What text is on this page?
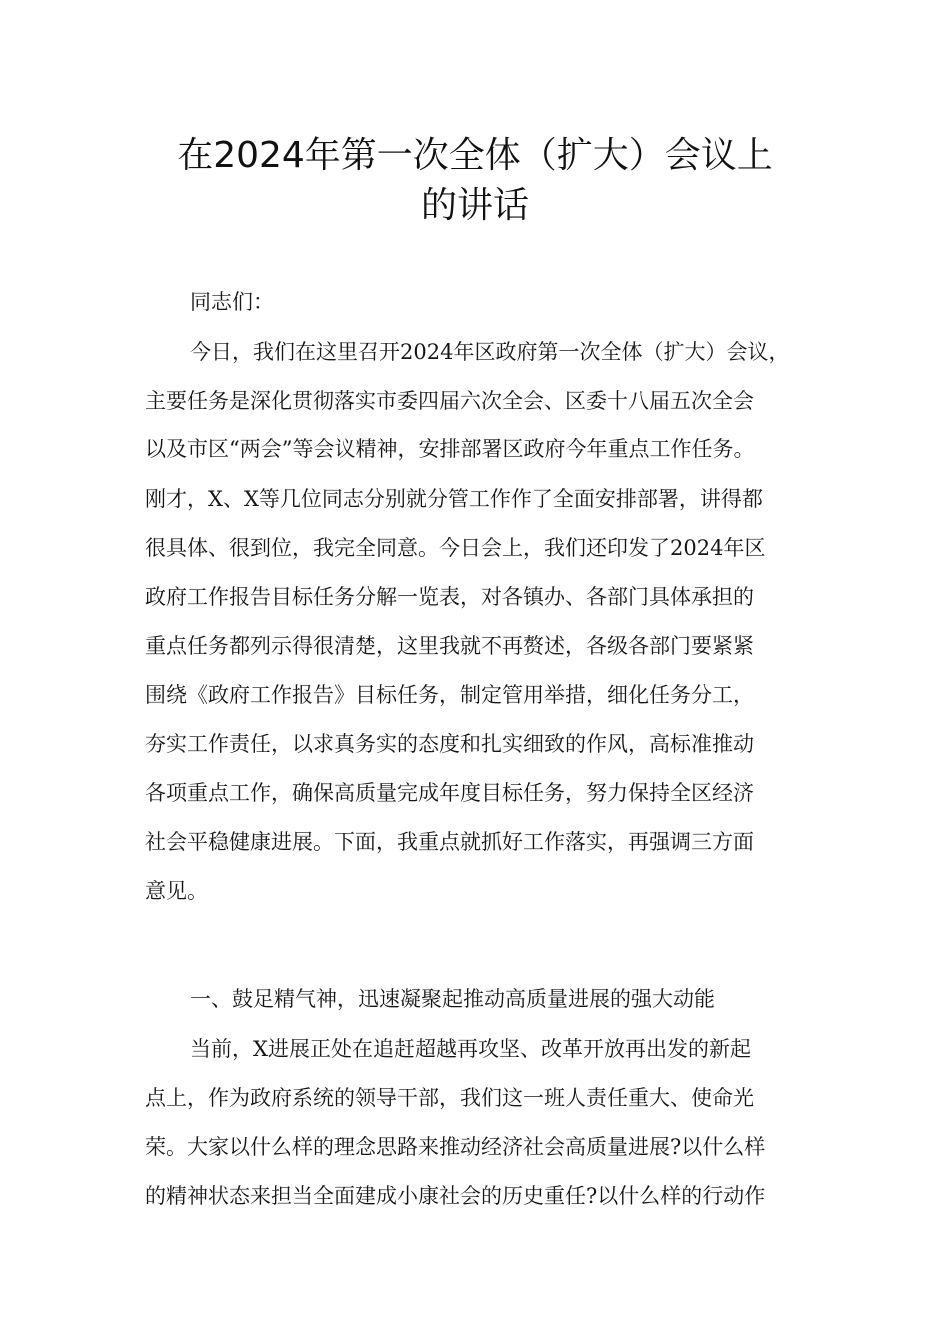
在2024年第一次全体（扩大）会议上
的讲话

同志们：

今日，我们在这里召开2024年区政府第一次全体（扩大）会议，

主要任务是深化贯彻落实市委四届六次全会、区委十八届五次全会

以及市区“两会”等会议精神，安排部署区政府今年重点工作任务。

刚才，X、X等几位同志分别就分管工作作了全面安排部署，讲得都

很具体、很到位，我完全同意。今日会上，我们还印发了2024年区

政府工作报告目标任务分解一览表，对各镇办、各部门具体承担的

重点任务都列示得很清楚，这里我就不再赘述，各级各部门要紧紧

围绕《政府工作报告》目标任务，制定管用举措，细化任务分工，

夯实工作责任，以求真务实的态度和扎实细致的作风，高标准推动

各项重点工作，确保高质量完成年度目标任务，努力保持全区经济

社会平稳健康进展。下面，我重点就抓好工作落实，再强调三方面

意见。

一、鼓足精气神，迅速凝聚起推动高质量进展的强大动能

当前，X进展正处在追赶超越再攻坚、改革开放再出发的新起

点上，作为政府系统的领导干部，我们这一班人责任重大、使命光

荣。大家以什么样的理念思路来推动经济社会高质量进展?以什么样

的精神状态来担当全面建成小康社会的历史重任?以什么样的行动作
